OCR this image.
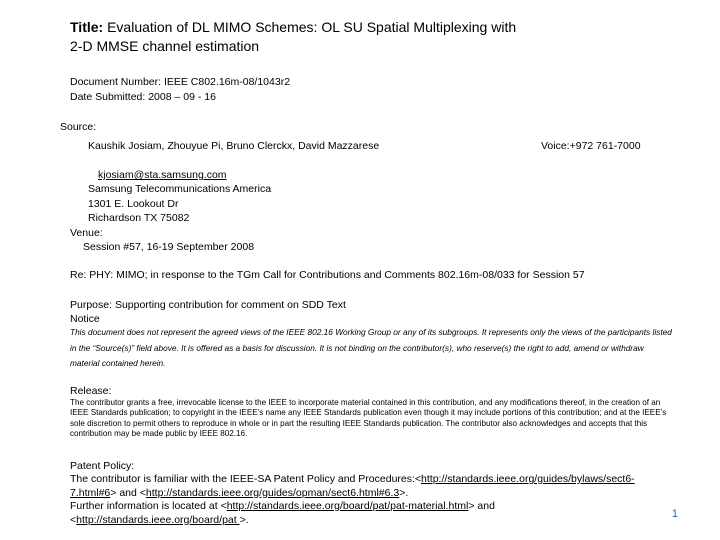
Title: Evaluation of DL MIMO Schemes: OL SU Spatial Multiplexing with
2-D MMSE channel estimation
Document Number: IEEE C802.16m-08/1043r2
Date Submitted: 2008 – 09 - 16
Source:
Kaushik Josiam, Zhouyue Pi, Bruno Clerckx, David Mazzarese	Voice:+972 761-7000
kjosiam@sta.samsung.com
Samsung Telecommunications America
1301 E. Lookout Dr
Richardson TX 75082
Venue:
Session #57, 16-19 September 2008
Re: PHY: MIMO; in response to the TGm Call for Contributions and Comments 802.16m-08/033 for Session 57
Purpose: Supporting contribution for comment on SDD Text
Notice
This document does not represent the agreed views of the IEEE 802.16 Working Group or any of its subgroups. It represents only the views of the participants listed in the “Source(s)” field above. It is offered as a basis for discussion. It is not binding on the contributor(s), who reserve(s) the right to add, amend or withdraw material contained herein.
Release:
The contributor grants a free, irrevocable license to the IEEE to incorporate material contained in this contribution, and any modifications thereof, in the creation of an IEEE Standards publication; to copyright in the IEEE’s name any IEEE Standards publication even though it may include portions of this contribution; and at the IEEE’s sole discretion to permit others to reproduce in whole or in part the resulting IEEE Standards publication. The contributor also acknowledges and accepts that this contribution may be made public by IEEE 802.16.
Patent Policy:
The contributor is familiar with the IEEE-SA Patent Policy and Procedures:<http://standards.ieee.org/guides/bylaws/sect6-7.html#6> and <http://standards.ieee.org/guides/opman/sect6.html#6.3>.
Further information is located at <http://standards.ieee.org/board/pat/pat-material.html> and
<http://standards.ieee.org/board/pat >.	1
